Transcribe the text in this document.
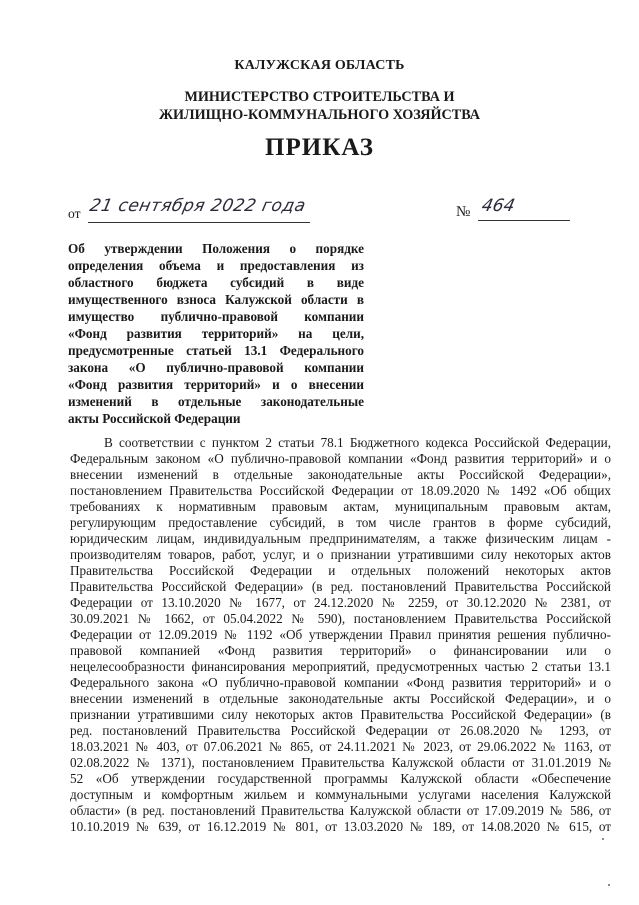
КАЛУЖСКАЯ ОБЛАСТЬ
МИНИСТЕРСТВО СТРОИТЕЛЬСТВА И
ЖИЛИЩНО-КОММУНАЛЬНОГО ХОЗЯЙСТВА
ПРИКАЗ
от 21 сентября 2022 года	№ 464
Об утверждении Положения о порядке
определения объема и предоставления из
областного бюджета субсидий в виде
имущественного взноса Калужской области в
имущество публично-правовой компании
«Фонд развития территорий» на цели,
предусмотренные статьей 13.1 Федерального
закона «О публично-правовой компании
«Фонд развития территорий» и о внесении
изменений в отдельные законодательные
акты Российской Федерации
В соответствии с пунктом 2 статьи 78.1 Бюджетного кодекса Российской Федерации,
Федеральным законом «О публично-правовой компании «Фонд развития территорий» и о
внесении изменений в отдельные законодательные акты Российской Федерации»,
постановлением Правительства Российской Федерации от 18.09.2020 № 1492 «Об общих
требованиях к нормативным правовым актам, муниципальным правовым актам,
регулирующим предоставление субсидий, в том числе грантов в форме субсидий,
юридическим лицам, индивидуальным предпринимателям, а также физическим лицам -
производителям товаров, работ, услуг, и о признании утратившими силу некоторых актов
Правительства Российской Федерации и отдельных положений некоторых актов
Правительства Российской Федерации» (в ред. постановлений Правительства Российской
Федерации от 13.10.2020 № 1677, от 24.12.2020 № 2259, от 30.12.2020 № 2381, от
30.09.2021 № 1662, от 05.04.2022 № 590), постановлением Правительства Российской
Федерации от 12.09.2019 № 1192 «Об утверждении Правил принятия решения публично-
правовой компанией «Фонд развития территорий» о финансировании или о
нецелесообразности финансирования мероприятий, предусмотренных частью 2 статьи 13.1
Федерального закона «О публично-правовой компании «Фонд развития территорий» и о
внесении изменений в отдельные законодательные акты Российской Федерации», и о
признании утратившими силу некоторых актов Правительства Российской Федерации» (в
ред. постановлений Правительства Российской Федерации от 26.08.2020 № 1293, от
18.03.2021 № 403, от 07.06.2021 № 865, от 24.11.2021 № 2023, от 29.06.2022 № 1163, от
02.08.2022 № 1371), постановлением Правительства Калужской области от 31.01.2019 №
52 «Об утверждении государственной программы Калужской области «Обеспечение
доступным и комфортным жильем и коммунальными услугами населения Калужской
области» (в ред. постановлений Правительства Калужской области от 17.09.2019 № 586, от
10.10.2019 № 639, от 16.12.2019 № 801, от 13.03.2020 № 189, от 14.08.2020 № 615, от
